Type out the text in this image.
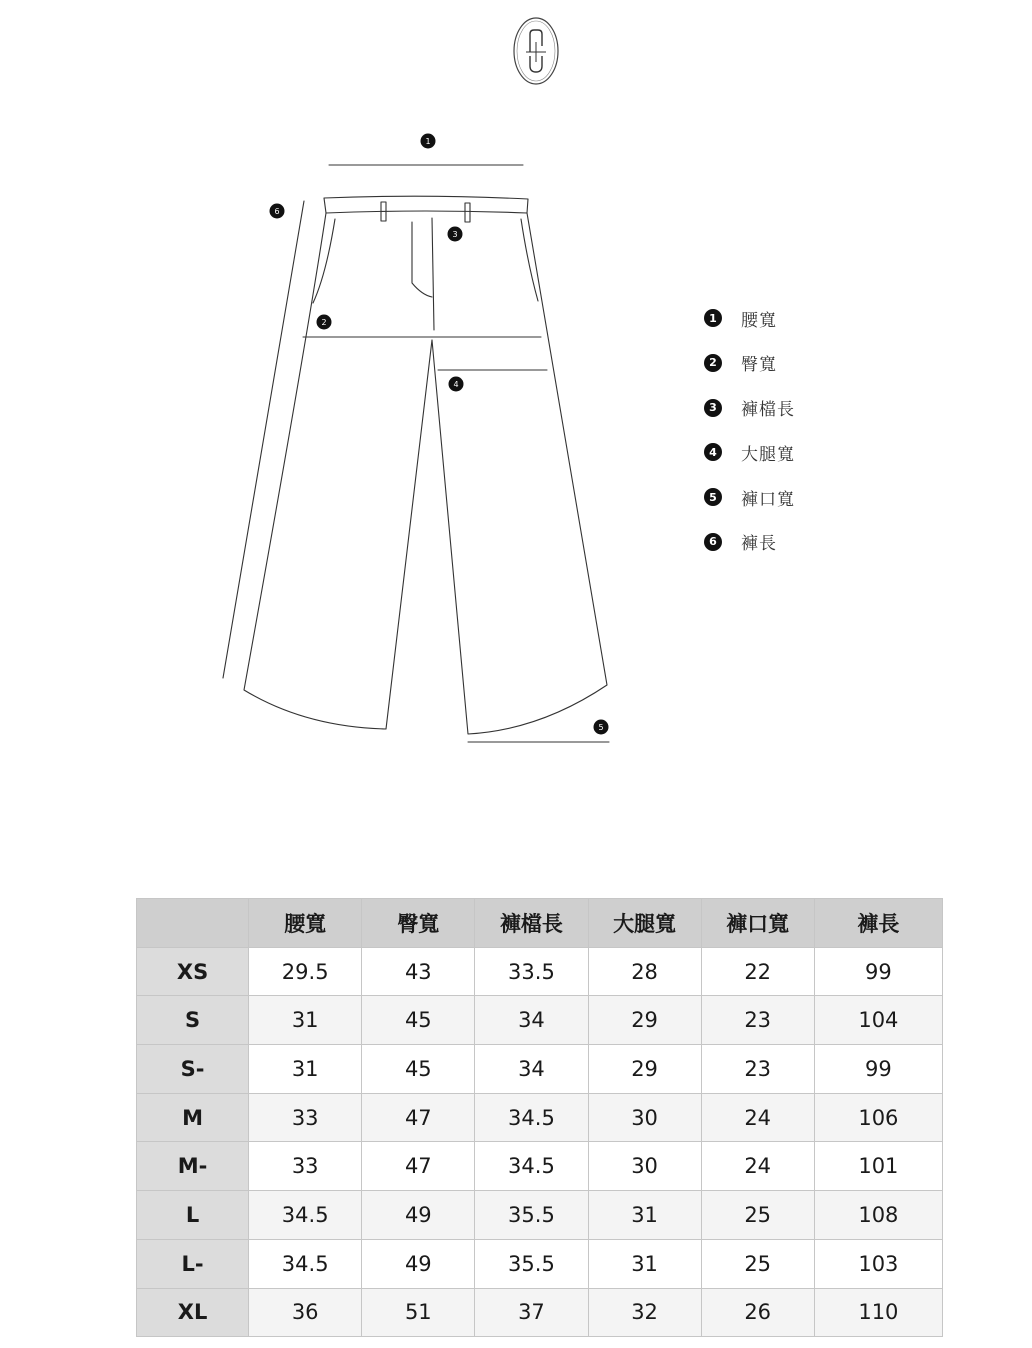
1
2
3
4
5
6
1	腰寬
2	臀寬
3	褲檔長
4	大腿寬
5	褲口寬
6	褲長
	腰寬	臀寬	褲檔長	大腿寬	褲口寬	褲長
XS	29.5	43	33.5	28	22	99
S	31	45	34	29	23	104
S-	31	45	34	29	23	99
M	33	47	34.5	30	24	106
M-	33	47	34.5	30	24	101
L	34.5	49	35.5	31	25	108
L-	34.5	49	35.5	31	25	103
XL	36	51	37	32	26	110
